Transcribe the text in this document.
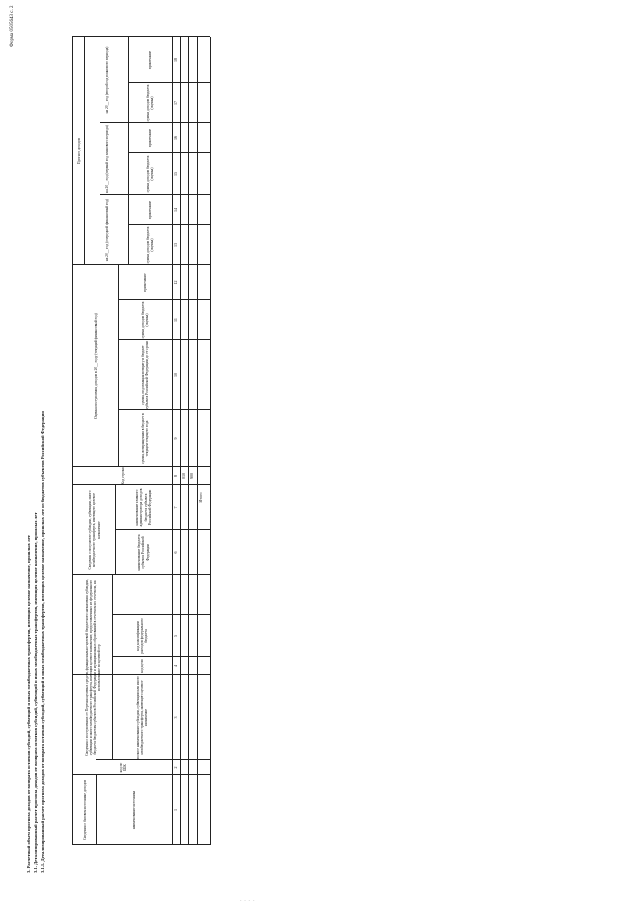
Форма 0505643 с. 2
3. Расчетный объем прогноза доходов от возврата остатков субсидий, субвенций и иных межбюджетных трансфертов, имеющих целевое назначение, прошлых лет 3.1. Детализированный расчет прогноза доходов от возврата остатков субсидий, субвенций и иных межбюджетных трансфертов, имеющих целевое назначение, прошлых лет 3.1.1. Детализированный расчет прогноза доходов от возврата остатков субсидий, субвенций и иных межбюджетных трансфертов, имеющих целевое назначение, прошлых лет из бюджетов субъектов Российской Федерации	Сведения о базовом источнике доходов	наименование источника
код по ББК
Сведения о поступлениях от Перечня целевых средств, функционально-целевой бюджетного назначения субсидии, субвенции и иного межбюджетного трансферта, имеющих целевое назначение, предоставленных из федерального бюджета бюджетам субъектов Российской Федерации и муниципальных образований в отчетном их отчетном, на использование по целевой отр
полное наименование субсидии, субвенции или иного межбюджетного трансферта, имеющего целевое назначение
код цели
код классификации расходов федерального бюджета
Сведения о получателе субсидии, субвенции, иного межбюджетного трансферта, имеющего целевое назначение
наименование бюджета субъекта Российской Федерации
наименование главного администратора доходов бюджета субъекта Российской Федерации
Код строки
Оценка поступления доходов в 20__ году (текущий финансовый год)
сумма, возвращенная в бюджет в текущем текущего года
сумма, подлежащая возврату в бюджет субъекта Российской Федерации до ее сроки
сумма доходов бюджета (оценка)
примечание
Прогноз доходов
на 20__ год (очередной финансовый год)
на 20__ год (первый год планового периода)
на 20__ год (второй год планового периода)
сумма доходов бюджета (оценка)
примечание
сумма доходов бюджета (оценка)
примечание
сумма доходов бюджета (оценка)
примечание
1
2
3
4
5
6
7
8
9
10
11
12
13
14
15
16
17
18
010 900
Итого
- - - -
